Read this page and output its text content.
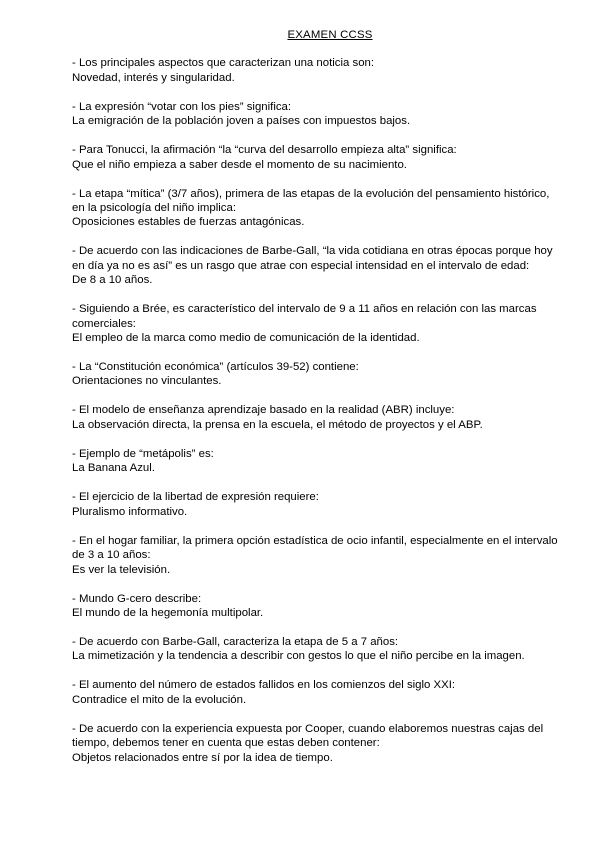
EXAMEN CCSS
- Los principales aspectos que caracterizan una noticia son:
Novedad, interés y singularidad.
- La expresión “votar con los pies” significa:
La emigración de la población joven a países con impuestos bajos.
- Para Tonucci, la afirmación “la “curva del desarrollo empieza alta” significa:
Que el niño empieza a saber desde el momento de su nacimiento.
- La etapa “mítica” (3/7 años), primera de las etapas de la evolución del pensamiento histórico, en la psicología del niño implica:
Oposiciones estables de fuerzas antagónicas.
- De acuerdo con las indicaciones de Barbe-Gall, “la vida cotidiana en otras épocas porque hoy en día ya no es así” es un rasgo que atrae con especial intensidad en el intervalo de edad:
De 8 a 10 años.
- Siguiendo a Brée, es característico del intervalo de 9 a 11 años en relación con las marcas comerciales:
El empleo de la marca como medio de comunicación de la identidad.
- La “Constitución económica” (artículos 39-52) contiene:
Orientaciones no vinculantes.
- El modelo de enseñanza aprendizaje basado en la realidad (ABR) incluye:
La observación directa, la prensa en la escuela, el método de proyectos y el ABP.
- Ejemplo de “metápolis” es:
La Banana Azul.
- El ejercicio de la libertad de expresión requiere:
Pluralismo informativo.
- En el hogar familiar, la primera opción estadística de ocio infantil, especialmente en el intervalo de 3 a 10 años:
Es ver la televisión.
- Mundo G-cero describe:
El mundo de la hegemonía multipolar.
- De acuerdo con Barbe-Gall, caracteriza la etapa de 5 a 7 años:
La mimetización y la tendencia a describir con gestos lo que el niño percibe en la imagen.
- El aumento del número de estados fallidos en los comienzos del siglo XXI:
Contradice el mito de la evolución.
- De acuerdo con la experiencia expuesta por Cooper, cuando elaboremos nuestras cajas del tiempo, debemos tener en cuenta que estas deben contener:
Objetos relacionados entre sí por la idea de tiempo.
